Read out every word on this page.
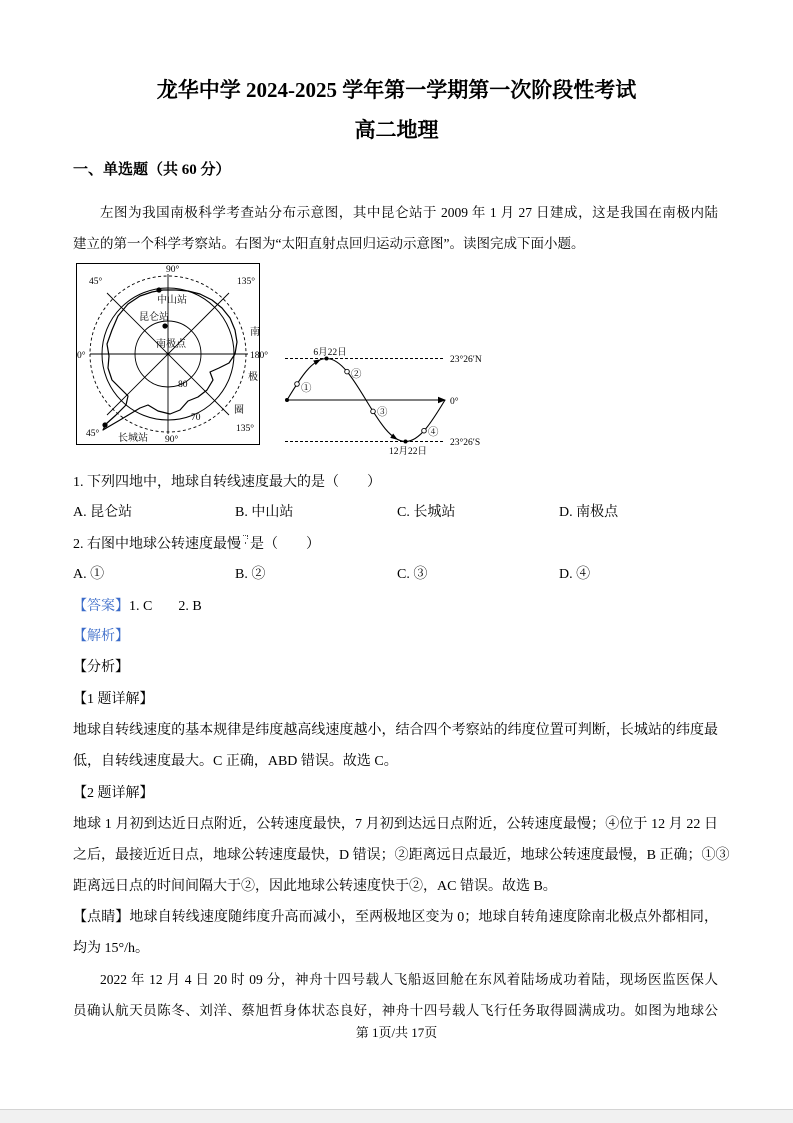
龙华中学 2024-2025 学年第一学期第一次阶段性考试
高二地理
一、单选题（共 60 分）
左图为我国南极科学考查站分布示意图，其中昆仑站于 2009 年 1 月 27 日建成，这是我国在南极内陆
建立的第一个科学考察站。右图为“太阳直射点回归运动示意图”。读图完成下面小题。
90°
45°	135°
0°	180°
45°
90°
135°
80
70
南
极
圈
中山站
昆仑站
南极点
长城站
①
②
③
④
6月22日
12月22日
23°26′N
0°
23°26′S
1. 下列四地中，地球自转线速度最大的是（　　）
A. 昆仑站	B. 中山站	C. 长城站	D. 南极点
2. 右图中地球公转速度最慢 是（　　）
A. ①	B. ②	C. ③	D. ④
【答案】1. C 2. B
【解析】
【分析】
【1 题详解】
地球自转线速度的基本规律是纬度越高线速度越小，结合四个考察站的纬度位置可判断，长城站的纬度最
低，自转线速度最大。C 正确，ABD 错误。故选 C。
【2 题详解】
地球 1 月初到达近日点附近，公转速度最快，7 月初到达远日点附近，公转速度最慢；④位于 12 月 22 日
之后，最接近近日点，地球公转速度最快，D 错误；②距离远日点最近，地球公转速度最慢，B 正确；①③
距离远日点的时间间隔大于②，因此地球公转速度快于②，AC 错误。故选 B。
【点睛】地球自转线速度随纬度升高而减小，至两极地区变为 0；地球自转角速度除南北极点外都相同，
均为 15°/h。
2022 年 12 月 4 日 20 时 09 分，神舟十四号载人飞船返回舱在东风着陆场成功着陆，现场医监医保人
员确认航天员陈冬、刘洋、蔡旭哲身体状态良好，神舟十四号载人飞行任务取得圆满成功。如图为地球公
第 1页/共 17页
